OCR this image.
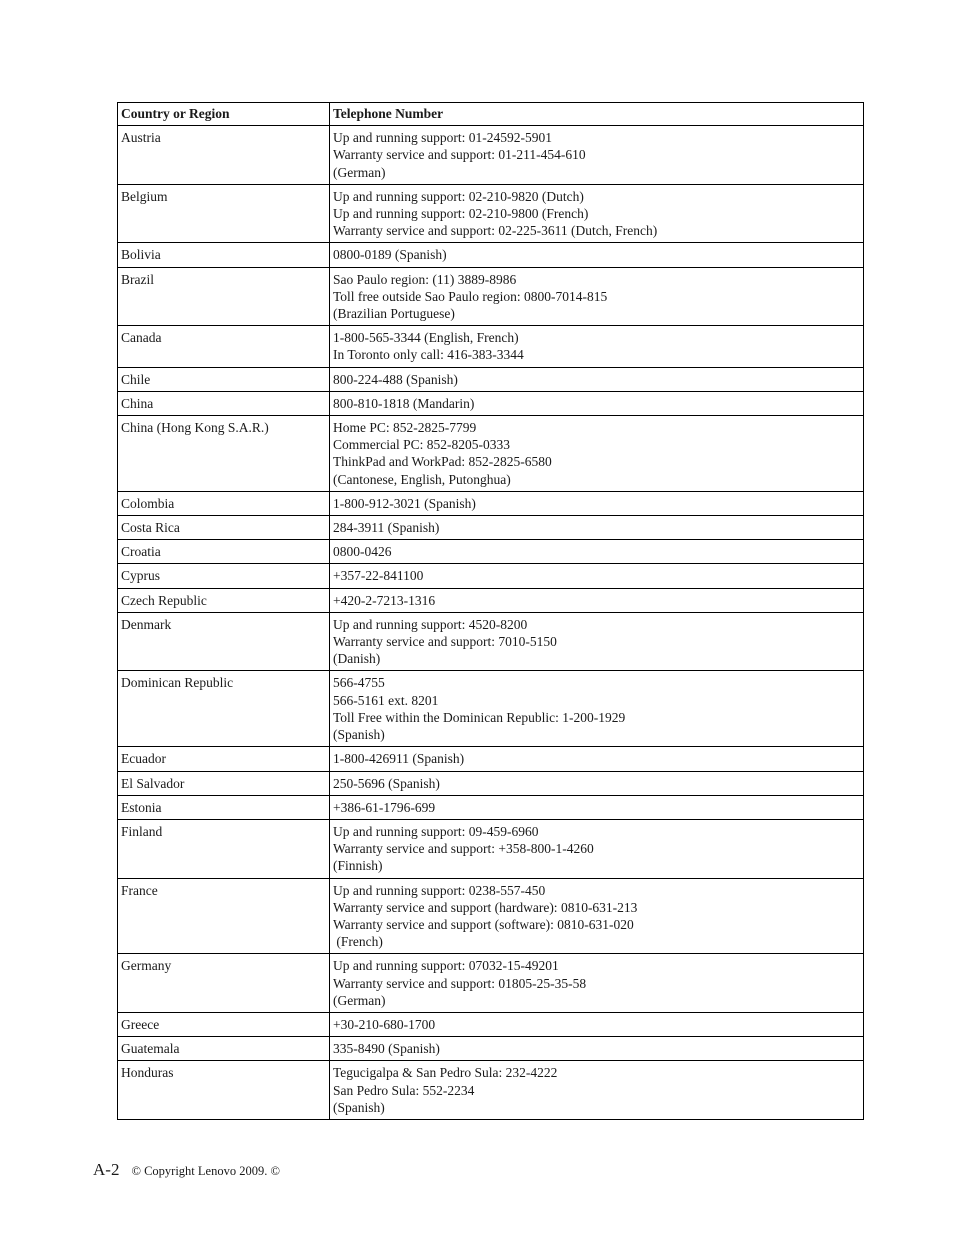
Country or Region	Telephone Number
Austria	Up and running support: 01-24592-5901
Warranty service and support: 01-211-454-610
(German)

Belgium	Up and running support: 02-210-9820 (Dutch)
Up and running support: 02-210-9800 (French)
Warranty service and support: 02-225-3611 (Dutch, French)

Bolivia	0800-0189 (Spanish)

Brazil	Sao Paulo region: (11) 3889-8986
Toll free outside Sao Paulo region: 0800-7014-815
(Brazilian Portuguese)

Canada	1-800-565-3344 (English, French)
In Toronto only call: 416-383-3344

Chile	800-224-488 (Spanish)

China	800-810-1818 (Mandarin)

China (Hong Kong S.A.R.)	Home PC: 852-2825-7799
Commercial PC: 852-8205-0333
ThinkPad and WorkPad: 852-2825-6580
(Cantonese, English, Putonghua)

Colombia	1-800-912-3021 (Spanish)

Costa Rica	284-3911 (Spanish)

Croatia	0800-0426

Cyprus	+357-22-841100

Czech Republic	+420-2-7213-1316

Denmark	Up and running support: 4520-8200
Warranty service and support: 7010-5150
(Danish)

Dominican Republic	566-4755
566-5161 ext. 8201
Toll Free within the Dominican Republic: 1-200-1929
(Spanish)

Ecuador	1-800-426911 (Spanish)

El Salvador	250-5696 (Spanish)

Estonia	+386-61-1796-699

Finland	Up and running support: 09-459-6960
Warranty service and support: +358-800-1-4260
(Finnish)

France	Up and running support: 0238-557-450
Warranty service and support (hardware): 0810-631-213
Warranty service and support (software): 0810-631-020
(French)

Germany	Up and running support: 07032-15-49201
Warranty service and support: 01805-25-35-58
(German)

Greece	+30-210-680-1700

Guatemala	335-8490 (Spanish)

Honduras	Tegucigalpa & San Pedro Sula: 232-4222
San Pedro Sula: 552-2234
(Spanish)
A-2 © Copyright Lenovo 2009. ©
